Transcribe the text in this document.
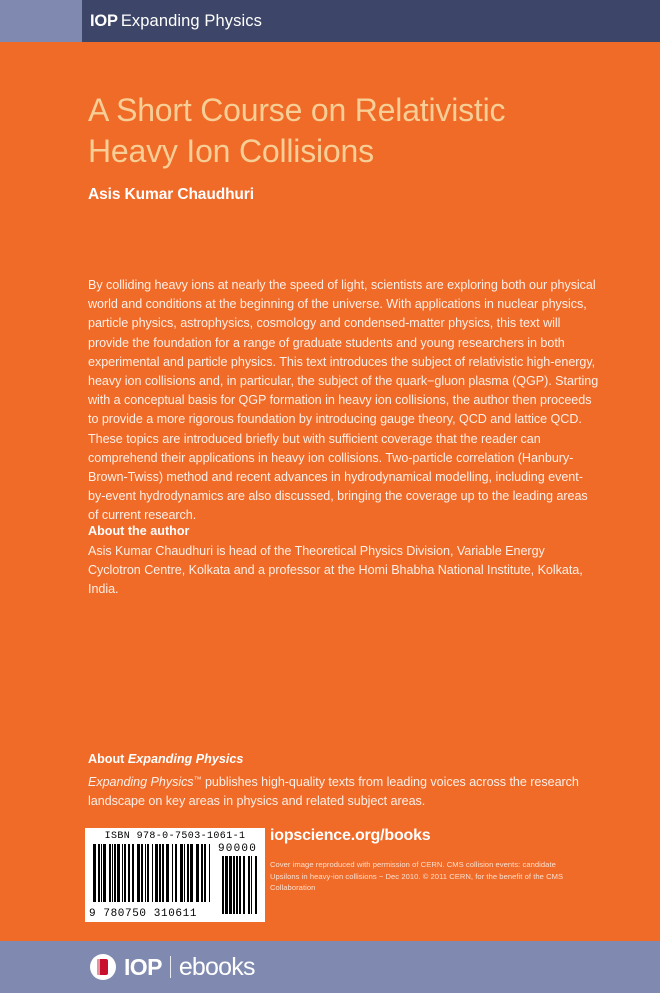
IOP Expanding Physics
A Short Course on Relativistic
Heavy Ion Collisions
Asis Kumar Chaudhuri
By colliding heavy ions at nearly the speed of light, scientists are exploring both our physical world and conditions at the beginning of the universe. With applications in nuclear physics, particle physics, astrophysics, cosmology and condensed-matter physics, this text will provide the foundation for a range of graduate students and young researchers in both experimental and particle physics. This text introduces the subject of relativistic high-energy, heavy ion collisions and, in particular, the subject of the quark−gluon plasma (QGP). Starting with a conceptual basis for QGP formation in heavy ion collisions, the author then proceeds to provide a more rigorous foundation by introducing gauge theory, QCD and lattice QCD. These topics are introduced briefly but with sufficient coverage that the reader can comprehend their applications in heavy ion collisions. Two-particle correlation (Hanbury-Brown-Twiss) method and recent advances in hydrodynamical modelling, including event-by-event hydrodynamics are also discussed, bringing the coverage up to the leading areas of current research.
About the author
Asis Kumar Chaudhuri is head of the Theoretical Physics Division, Variable Energy Cyclotron Centre, Kolkata and a professor at the Homi Bhabha National Institute, Kolkata, India.
About Expanding Physics
Expanding Physics™ publishes high-quality texts from leading voices across the research landscape on key areas in physics and related subject areas.
ISBN 978-0-7503-1061-1
90000
9 780750 310611
iopscience.org/books
Cover image reproduced with permission of CERN. CMS collision events: candidate Upsilons in heavy-ion collisions − Dec 2010. © 2011 CERN, for the benefit of the CMS Collaboration
IOP ebooks
